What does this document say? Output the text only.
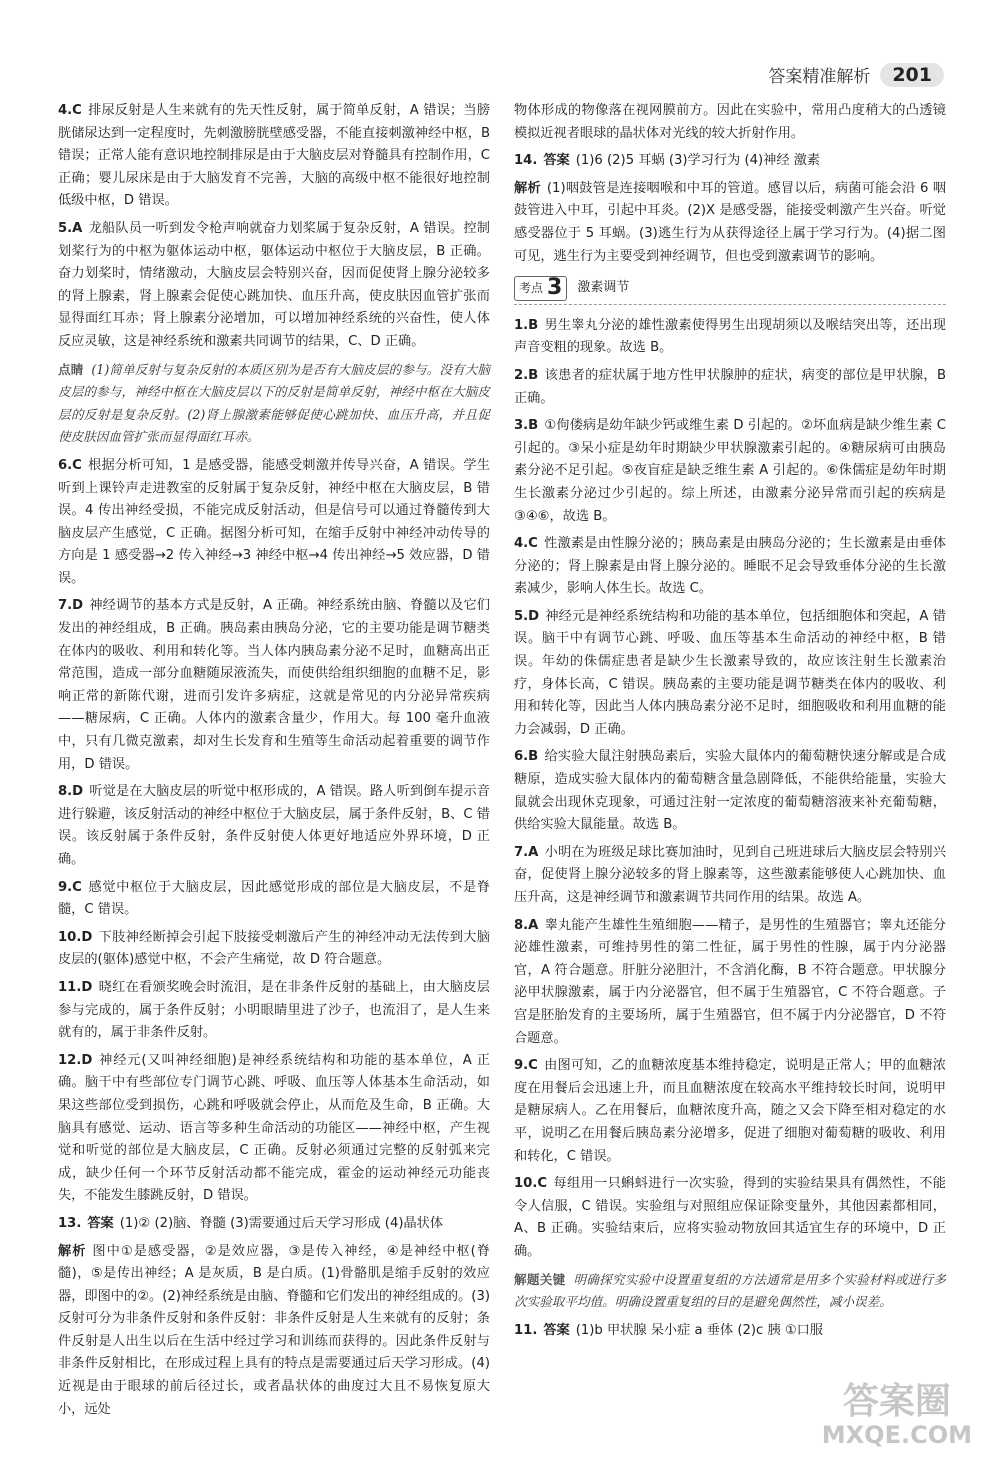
答案精准解析	201

4.C 排尿反射是人生来就有的先天性反射，属于简单反射，A 错误；当膀胱储尿达到一定程度时，先刺激膀胱壁感受器，不能直接刺激神经中枢，B 错误；正常人能有意识地控制排尿是由于大脑皮层对脊髓具有控制作用，C 正确；婴儿尿床是由于大脑发育不完善，大脑的高级中枢不能很好地控制低级中枢，D 错误。

5.A 龙船队员一听到发令枪声响就奋力划桨属于复杂反射，A 错误。控制划桨行为的中枢为躯体运动中枢，躯体运动中枢位于大脑皮层，B 正确。奋力划桨时，情绪激动，大脑皮层会特别兴奋，因而促使肾上腺分泌较多的肾上腺素，肾上腺素会促使心跳加快、血压升高，使皮肤因血管扩张而显得面红耳赤；肾上腺素分泌增加，可以增加神经系统的兴奋性，使人体反应灵敏，这是神经系统和激素共同调节的结果，C、D 正确。

点睛 (1)简单反射与复杂反射的本质区别为是否有大脑皮层的参与。没有大脑皮层的参与，神经中枢在大脑皮层以下的反射是简单反射，神经中枢在大脑皮层的反射是复杂反射。(2)肾上腺激素能够促使心跳加快、血压升高，并且促使皮肤因血管扩张而显得面红耳赤。

6.C 根据分析可知，1 是感受器，能感受刺激并传导兴奋，A 错误。学生听到上课铃声走进教室的反射属于复杂反射，神经中枢在大脑皮层，B 错误。4 传出神经受损，不能完成反射活动，但是信号可以通过脊髓传到大脑皮层产生感觉，C 正确。据图分析可知，在缩手反射中神经冲动传导的方向是 1 感受器→2 传入神经→3 神经中枢→4 传出神经→5 效应器，D 错误。

7.D 神经调节的基本方式是反射，A 正确。神经系统由脑、脊髓以及它们发出的神经组成，B 正确。胰岛素由胰岛分泌，它的主要功能是调节糖类在体内的吸收、利用和转化等。当人体内胰岛素分泌不足时，血糖高出正常范围，造成一部分血糖随尿液流失，而使供给组织细胞的血糖不足，影响正常的新陈代谢，进而引发许多病症，这就是常见的内分泌异常疾病——糖尿病，C 正确。人体内的激素含量少，作用大。每 100 毫升血液中，只有几微克激素，却对生长发育和生殖等生命活动起着重要的调节作用，D 错误。

8.D 听觉是在大脑皮层的听觉中枢形成的，A 错误。路人听到倒车提示音进行躲避，该反射活动的神经中枢位于大脑皮层，属于条件反射，B、C 错误。该反射属于条件反射，条件反射使人体更好地适应外界环境，D 正确。

9.C 感觉中枢位于大脑皮层，因此感觉形成的部位是大脑皮层，不是脊髓，C 错误。

10.D 下肢神经断掉会引起下肢接受刺激后产生的神经冲动无法传到大脑皮层的(躯体)感觉中枢，不会产生痛觉，故 D 符合题意。

11.D 晓红在看颁奖晚会时流泪，是在非条件反射的基础上，由大脑皮层参与完成的，属于条件反射；小明眼睛里进了沙子，也流泪了，是人生来就有的，属于非条件反射。

12.D 神经元(又叫神经细胞)是神经系统结构和功能的基本单位，A 正确。脑干中有些部位专门调节心跳、呼吸、血压等人体基本生命活动，如果这些部位受到损伤，心跳和呼吸就会停止，从而危及生命，B 正确。大脑具有感觉、运动、语言等多种生命活动的功能区——神经中枢，产生视觉和听觉的部位是大脑皮层，C 正确。反射必须通过完整的反射弧来完成，缺少任何一个环节反射活动都不能完成，霍金的运动神经元功能丧失，不能发生膝跳反射，D 错误。

13. 答案 (1)② (2)脑、脊髓 (3)需要通过后天学习形成 (4)晶状体

解析 图中①是感受器，②是效应器，③是传入神经，④是神经中枢(脊髓)，⑤是传出神经；A 是灰质，B 是白质。(1)骨骼肌是缩手反射的效应器，即图中的②。(2)神经系统是由脑、脊髓和它们发出的神经组成的。(3)反射可分为非条件反射和条件反射：非条件反射是人生来就有的反射；条件反射是人出生以后在生活中经过学习和训练而获得的。因此条件反射与非条件反射相比，在形成过程上具有的特点是需要通过后天学习形成。(4)近视是由于眼球的前后径过长，或者晶状体的曲度过大且不易恢复原大小，远处

物体形成的物像落在视网膜前方。因此在实验中，常用凸度稍大的凸透镜模拟近视者眼球的晶状体对光线的较大折射作用。

14. 答案 (1)6 (2)5 耳蜗 (3)学习行为 (4)神经 激素

解析 (1)咽鼓管是连接咽喉和中耳的管道。感冒以后，病菌可能会沿 6 咽鼓管进入中耳，引起中耳炎。(2)X 是感受器，能接受刺激产生兴奋。听觉感受器位于 5 耳蜗。(3)逃生行为从获得途径上属于学习行为。(4)据二图可见，逃生行为主要受到神经调节，但也受到激素调节的影响。

考点 3 激素调节

1.B 男生睾丸分泌的雄性激素使得男生出现胡须以及喉结突出等，还出现声音变粗的现象。故选 B。

2.B 该患者的症状属于地方性甲状腺肿的症状，病变的部位是甲状腺，B 正确。

3.B ①佝偻病是幼年缺少钙或维生素 D 引起的。②坏血病是缺少维生素 C 引起的。③呆小症是幼年时期缺少甲状腺激素引起的。④糖尿病可由胰岛素分泌不足引起。⑤夜盲症是缺乏维生素 A 引起的。⑥侏儒症是幼年时期生长激素分泌过少引起的。综上所述，由激素分泌异常而引起的疾病是③④⑥，故选 B。

4.C 性激素是由性腺分泌的；胰岛素是由胰岛分泌的；生长激素是由垂体分泌的；肾上腺素是由肾上腺分泌的。睡眠不足会导致垂体分泌的生长激素减少，影响人体生长。故选 C。

5.D 神经元是神经系统结构和功能的基本单位，包括细胞体和突起，A 错误。脑干中有调节心跳、呼吸、血压等基本生命活动的神经中枢，B 错误。年幼的侏儒症患者是缺少生长激素导致的，故应该注射生长激素治疗，身体长高，C 错误。胰岛素的主要功能是调节糖类在体内的吸收、利用和转化等，因此当人体内胰岛素分泌不足时，细胞吸收和利用血糖的能力会减弱，D 正确。

6.B 给实验大鼠注射胰岛素后，实验大鼠体内的葡萄糖快速分解或是合成糖原，造成实验大鼠体内的葡萄糖含量急剧降低，不能供给能量，实验大鼠就会出现休克现象，可通过注射一定浓度的葡萄糖溶液来补充葡萄糖，供给实验大鼠能量。故选 B。

7.A 小明在为班级足球比赛加油时，见到自己班进球后大脑皮层会特别兴奋，促使肾上腺分泌较多的肾上腺素等，这些激素能够使人心跳加快、血压升高，这是神经调节和激素调节共同作用的结果。故选 A。

8.A 睾丸能产生雄性生殖细胞——精子，是男性的生殖器官；睾丸还能分泌雄性激素，可维持男性的第二性征，属于男性的性腺，属于内分泌器官，A 符合题意。肝脏分泌胆汁，不含消化酶，B 不符合题意。甲状腺分泌甲状腺激素，属于内分泌器官，但不属于生殖器官，C 不符合题意。子宫是胚胎发育的主要场所，属于生殖器官，但不属于内分泌器官，D 不符合题意。

9.C 由图可知，乙的血糖浓度基本维持稳定，说明是正常人；甲的血糖浓度在用餐后会迅速上升，而且血糖浓度在较高水平维持较长时间，说明甲是糖尿病人。乙在用餐后，血糖浓度升高，随之又会下降至相对稳定的水平，说明乙在用餐后胰岛素分泌增多，促进了细胞对葡萄糖的吸收、利用和转化，C 错误。

10.C 每组用一只蝌蚪进行一次实验，得到的实验结果具有偶然性，不能令人信服，C 错误。实验组与对照组应保证除变量外，其他因素都相同，A、B 正确。实验结束后，应将实验动物放回其适宜生存的环境中，D 正确。

解题关键 明确探究实验中设置重复组的方法通常是用多个实验材料或进行多次实验取平均值。明确设置重复组的目的是避免偶然性，减小误差。

11. 答案 (1)b 甲状腺 呆小症 a 垂体 (2)c 胰 ①口服

答案圈
MXQE.COM
